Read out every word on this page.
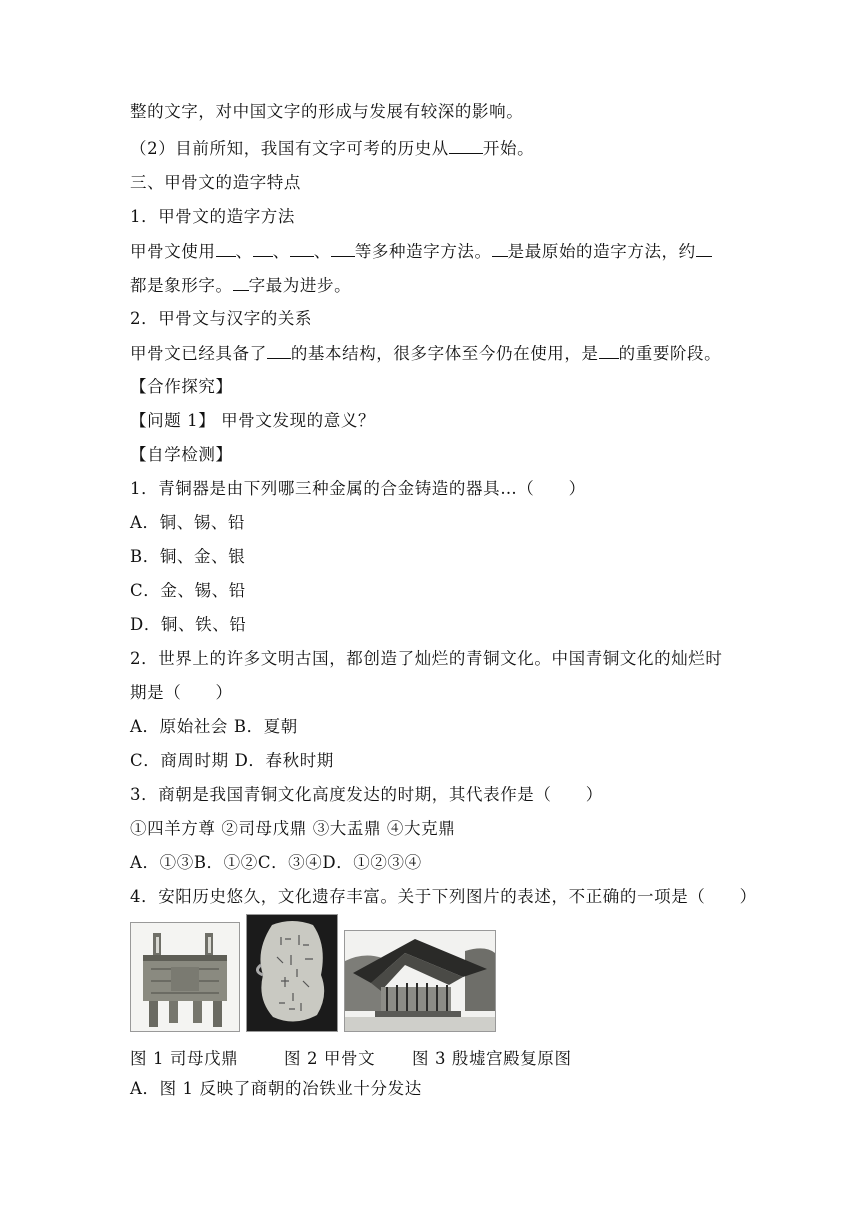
整的文字，对中国文字的形成与发展有较深的影响。
（2）目前所知，我国有文字可考的历史从 开始。
三、甲骨文的造字特点
1．甲骨文的造字方法
甲骨文使用 、 、 、 等多种造字方法。 是最原始的造字方法，约
都是象形字。 字最为进步。
2．甲骨文与汉字的关系
甲骨文已经具备了 的基本结构，很多字体至今仍在使用，是 的重要阶段。
【合作探究】
【问题 1】 甲骨文发现的意义？
【自学检测】
1．青铜器是由下列哪三种金属的合金铸造的器具…（　　）
A．铜、锡、铅
B．铜、金、银
C．金、锡、铅
D．铜、铁、铅
2．世界上的许多文明古国，都创造了灿烂的青铜文化。中国青铜文化的灿烂时
期是（　　）
A．原始社会 B．夏朝
C．商周时期 D．春秋时期
3．商朝是我国青铜文化高度发达的时期，其代表作是（　　）
①四羊方尊 ②司母戊鼎 ③大盂鼎 ④大克鼎
A．①③B．①②C．③④D．①②③④
4．安阳历史悠久，文化遗存丰富。关于下列图片的表述，不正确的一项是（　　）
图 1 司母戊鼎	图 2 甲骨文 图 3 殷墟宫殿复原图
A．图 1 反映了商朝的冶铁业十分发达
